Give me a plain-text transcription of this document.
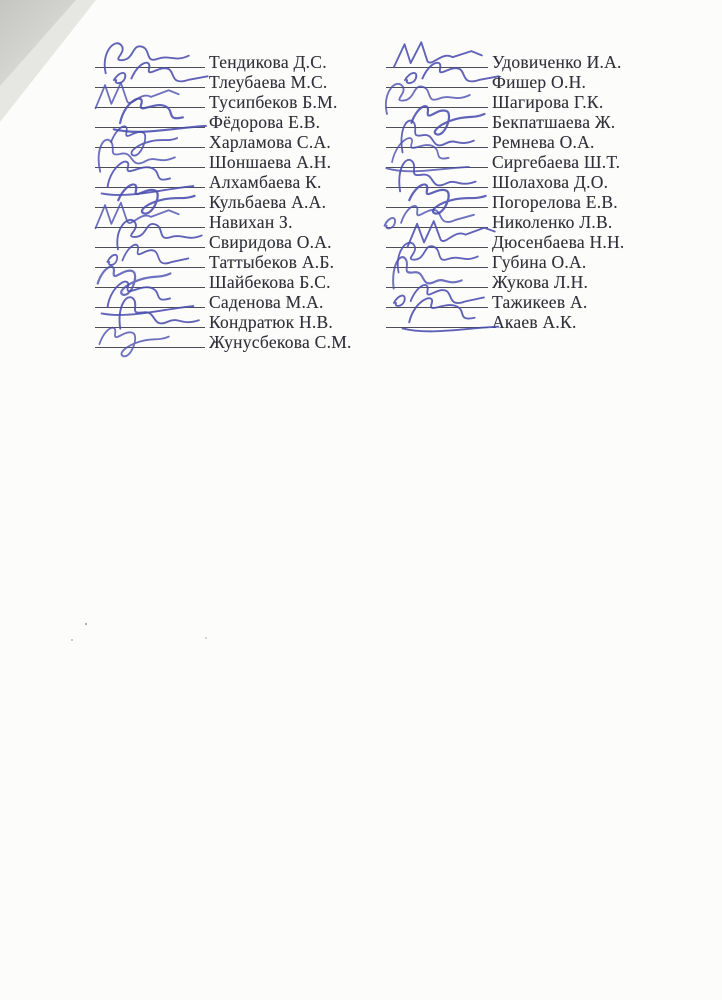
Тендикова Д.С.
Тлеубаева М.С.
Тусипбеков Б.М.
Фёдорова Е.В.
Харламова С.А.
Шоншаева А.Н.
Алхамбаева К.
Кульбаева А.А.
Навихан З.
Свиридова О.А.
Таттыбеков А.Б.
Шайбекова Б.С.
Саденова М.А.
Кондратюк Н.В.
Жунусбекова С.М.
Удовиченко И.А.
Фишер О.Н.
Шагирова Г.К.
Бекпатшаева Ж.
Ремнева О.А.
Сиргебаева Ш.Т.
Шолахова Д.О.
Погорелова Е.В.
Николенко Л.В.
Дюсенбаева Н.Н.
Губина О.А.
Жукова Л.Н.
Тажикеев А.
Акаев А.К.
